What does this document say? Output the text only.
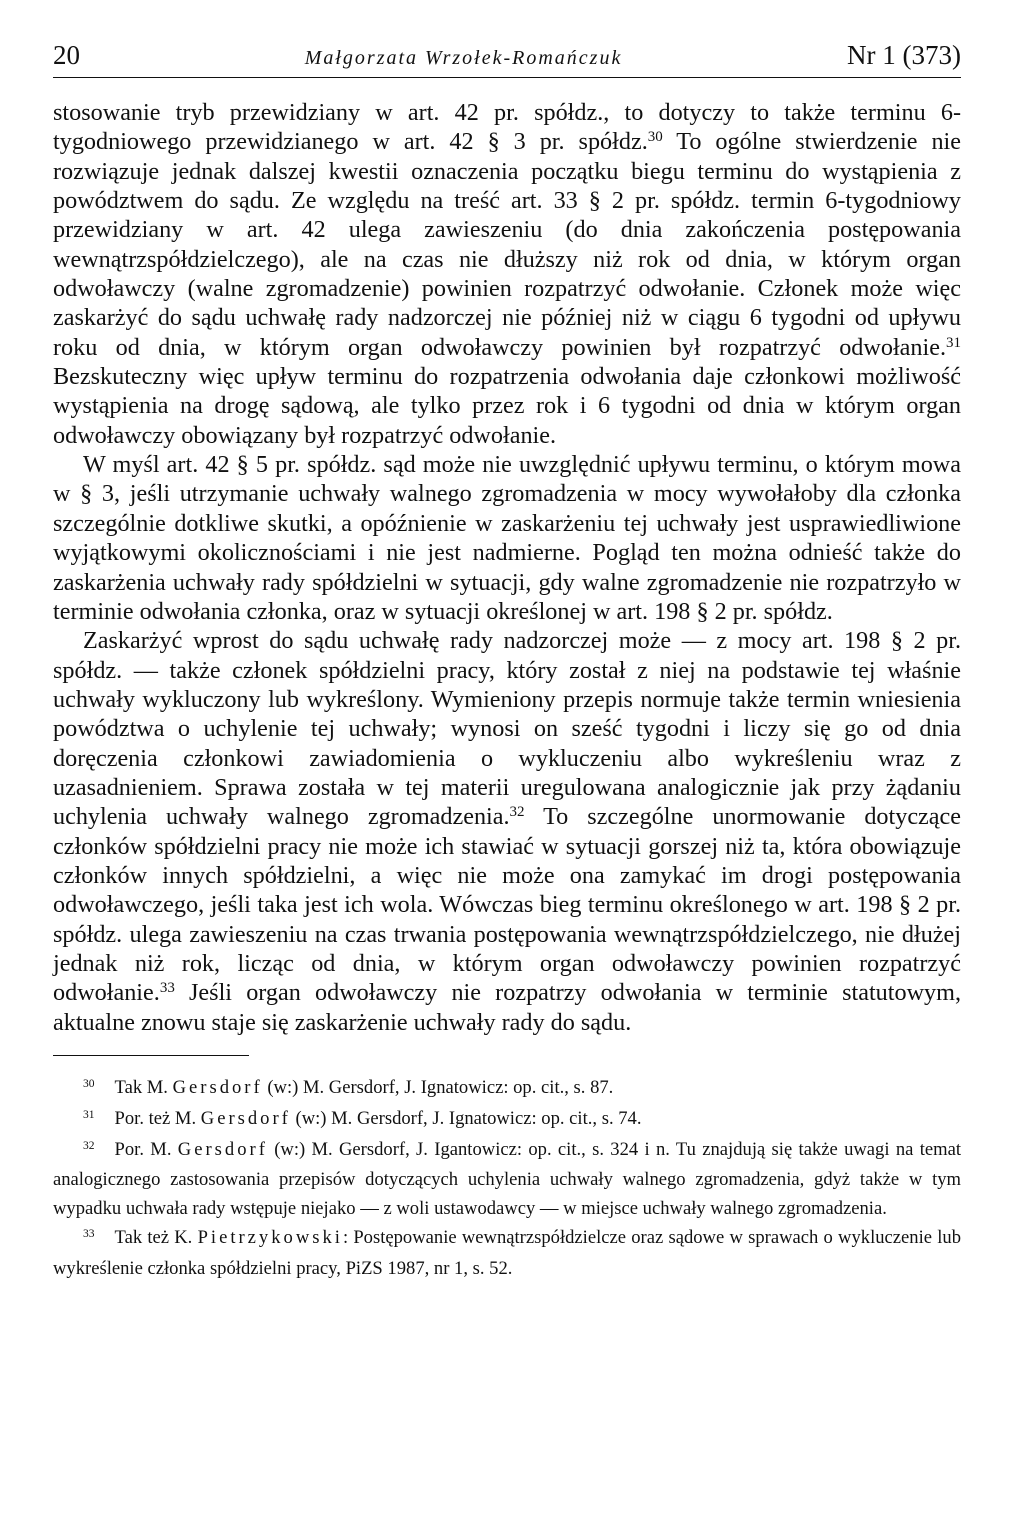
20	Małgorzata Wrzołek-Romańczuk	Nr 1 (373)

stosowanie tryb przewidziany w art. 42 pr. spółdz., to dotyczy to także terminu 6-tygodniowego przewidzianego w art. 42 § 3 pr. spółdz.$^{30}$ To ogólne stwierdzenie nie rozwiązuje jednak dalszej kwestii oznaczenia początku biegu terminu do wystąpienia z powództwem do sądu. Ze względu na treść art. 33 § 2 pr. spółdz. termin 6-tygodniowy przewidziany w art. 42 ulega zawieszeniu (do dnia zakończenia postępowania wewnątrzspółdzielczego), ale na czas nie dłuższy niż rok od dnia, w którym organ odwoławczy (walne zgromadzenie) powinien rozpatrzyć odwołanie. Członek może więc zaskarżyć do sądu uchwałę rady nadzorczej nie później niż w ciągu 6 tygodni od upływu roku od dnia, w którym organ odwoławczy powinien był rozpatrzyć odwołanie.$^{31}$ Bezskuteczny więc upływ terminu do rozpatrzenia odwołania daje członkowi możliwość wystąpienia na drogę sądową, ale tylko przez rok i 6 tygodni od dnia w którym organ odwoławczy obowiązany był rozpatrzyć odwołanie.

W myśl art. 42 § 5 pr. spółdz. sąd może nie uwzględnić upływu terminu, o którym mowa w § 3, jeśli utrzymanie uchwały walnego zgromadzenia w mocy wywołałoby dla członka szczególnie dotkliwe skutki, a opóźnienie w zaskarżeniu tej uchwały jest usprawiedliwione wyjątkowymi okolicznościami i nie jest nadmierne. Pogląd ten można odnieść także do zaskarżenia uchwały rady spółdzielni w sytuacji, gdy walne zgromadzenie nie rozpatrzyło w terminie odwołania członka, oraz w sytuacji określonej w art. 198 § 2 pr. spółdz.

Zaskarżyć wprost do sądu uchwałę rady nadzorczej może — z mocy art. 198 § 2 pr. spółdz. — także członek spółdzielni pracy, który został z niej na podstawie tej właśnie uchwały wykluczony lub wykreślony. Wymieniony przepis normuje także termin wniesienia powództwa o uchylenie tej uchwały; wynosi on sześć tygodni i liczy się go od dnia doręczenia członkowi zawiadomienia o wykluczeniu albo wykreśleniu wraz z uzasadnieniem. Sprawa została w tej materii uregulowana analogicznie jak przy żądaniu uchylenia uchwały walnego zgromadzenia.$^{32}$ To szczególne unormowanie dotyczące członków spółdzielni pracy nie może ich stawiać w sytuacji gorszej niż ta, która obowiązuje członków innych spółdzielni, a więc nie może ona zamykać im drogi postępowania odwoławczego, jeśli taka jest ich wola. Wówczas bieg terminu określonego w art. 198 § 2 pr. spółdz. ulega zawieszeniu na czas trwania postępowania wewnątrzspółdzielczego, nie dłużej jednak niż rok, licząc od dnia, w którym organ odwoławczy powinien rozpatrzyć odwołanie.$^{33}$ Jeśli organ odwoławczy nie rozpatrzy odwołania w terminie statutowym, aktualne znowu staje się zaskarżenie uchwały rady do sądu.

$^{30}$ Tak M. Gersdorf (w:) M. Gersdorf, J. Ignatowicz: op. cit., s. 87.

$^{31}$ Por. też M. Gersdorf (w:) M. Gersdorf, J. Ignatowicz: op. cit., s. 74.

$^{32}$ Por. M. Gersdorf (w:) M. Gersdorf, J. Igantowicz: op. cit., s. 324 i n. Tu znajdują się także uwagi na temat analogicznego zastosowania przepisów dotyczących uchylenia uchwały walnego zgromadzenia, gdyż także w tym wypadku uchwała rady wstępuje niejako — z woli ustawodawcy — w miejsce uchwały walnego zgromadzenia.

$^{33}$ Tak też K. Pietrzykowski: Postępowanie wewnątrzspółdzielcze oraz sądowe w sprawach o wykluczenie lub wykreślenie członka spółdzielni pracy, PiZS 1987, nr 1, s. 52.
